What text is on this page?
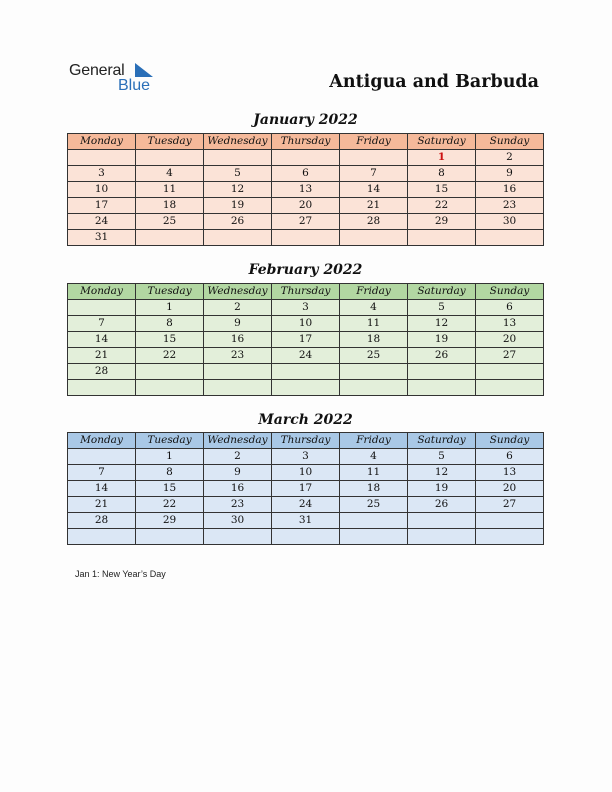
General
Blue	Antigua and Barbuda
January 2022
Monday	Tuesday	Wednesday	Thursday	Friday	Saturday	Sunday
					1	2
3	4	5	6	7	8	9
10	11	12	13	14	15	16
17	18	19	20	21	22	23
24	25	26	27	28	29	30
31						
February 2022
Monday	Tuesday	Wednesday	Thursday	Friday	Saturday	Sunday
	1	2	3	4	5	6
7	8	9	10	11	12	13
14	15	16	17	18	19	20
21	22	23	24	25	26	27
28						

March 2022
Monday	Tuesday	Wednesday	Thursday	Friday	Saturday	Sunday
	1	2	3	4	5	6
7	8	9	10	11	12	13
14	15	16	17	18	19	20
21	22	23	24	25	26	27
28	29	30	31			

Jan 1: New Year’s Day
